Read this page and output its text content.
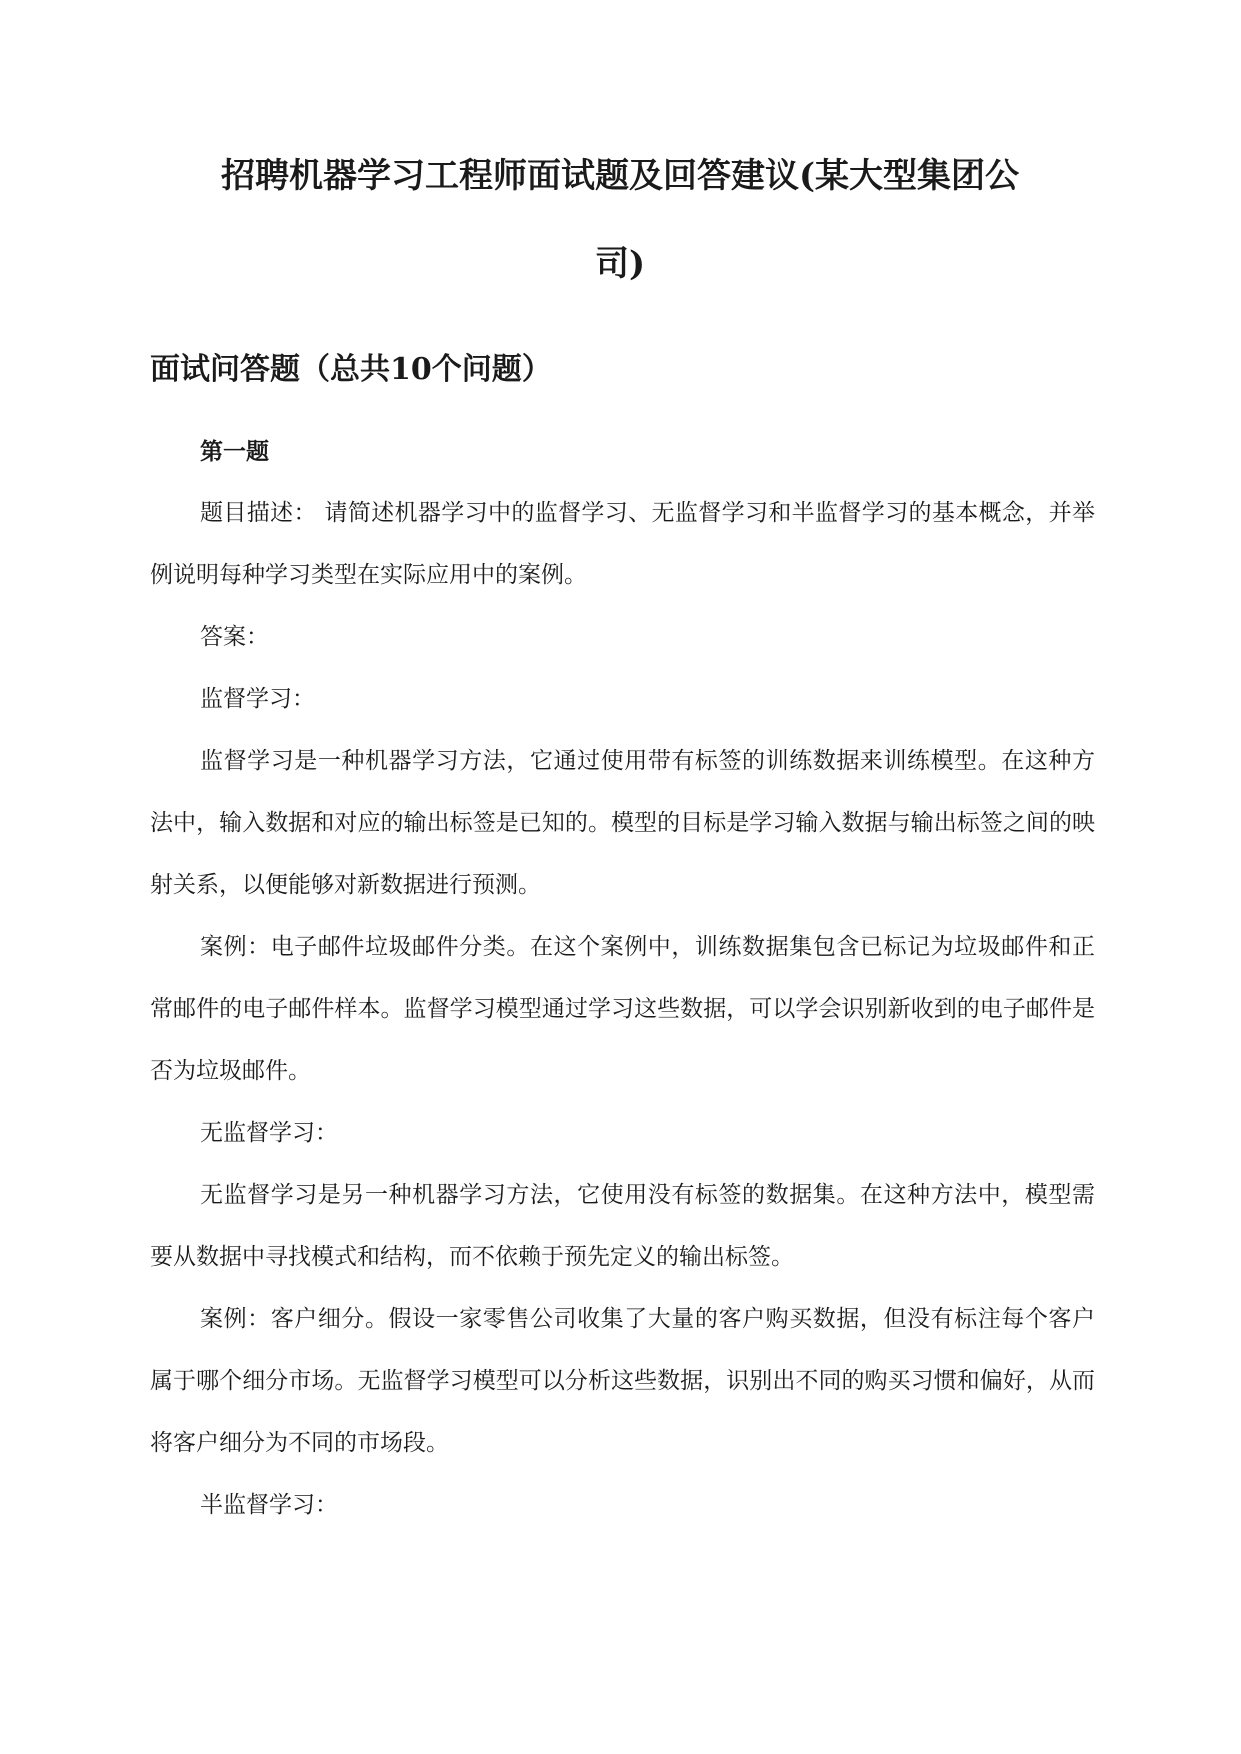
招聘机器学习工程师面试题及回答建议(某大型集团公
司)
面试问答题（总共10个问题）
第一题

题目描述： 请简述机器学习中的监督学习、无监督学习和半监督学习的基本概念，并举例说明每种学习类型在实际应用中的案例。

答案：

监督学习：

监督学习是一种机器学习方法，它通过使用带有标签的训练数据来训练模型。在这种方法中，输入数据和对应的输出标签是已知的。模型的目标是学习输入数据与输出标签之间的映射关系，以便能够对新数据进行预测。

案例：电子邮件垃圾邮件分类。在这个案例中，训练数据集包含已标记为垃圾邮件和正常邮件的电子邮件样本。监督学习模型通过学习这些数据，可以学会识别新收到的电子邮件是否为垃圾邮件。

无监督学习：

无监督学习是另一种机器学习方法，它使用没有标签的数据集。在这种方法中，模型需要从数据中寻找模式和结构，而不依赖于预先定义的输出标签。

案例：客户细分。假设一家零售公司收集了大量的客户购买数据，但没有标注每个客户属于哪个细分市场。无监督学习模型可以分析这些数据，识别出不同的购买习惯和偏好，从而将客户细分为不同的市场段。

半监督学习：
